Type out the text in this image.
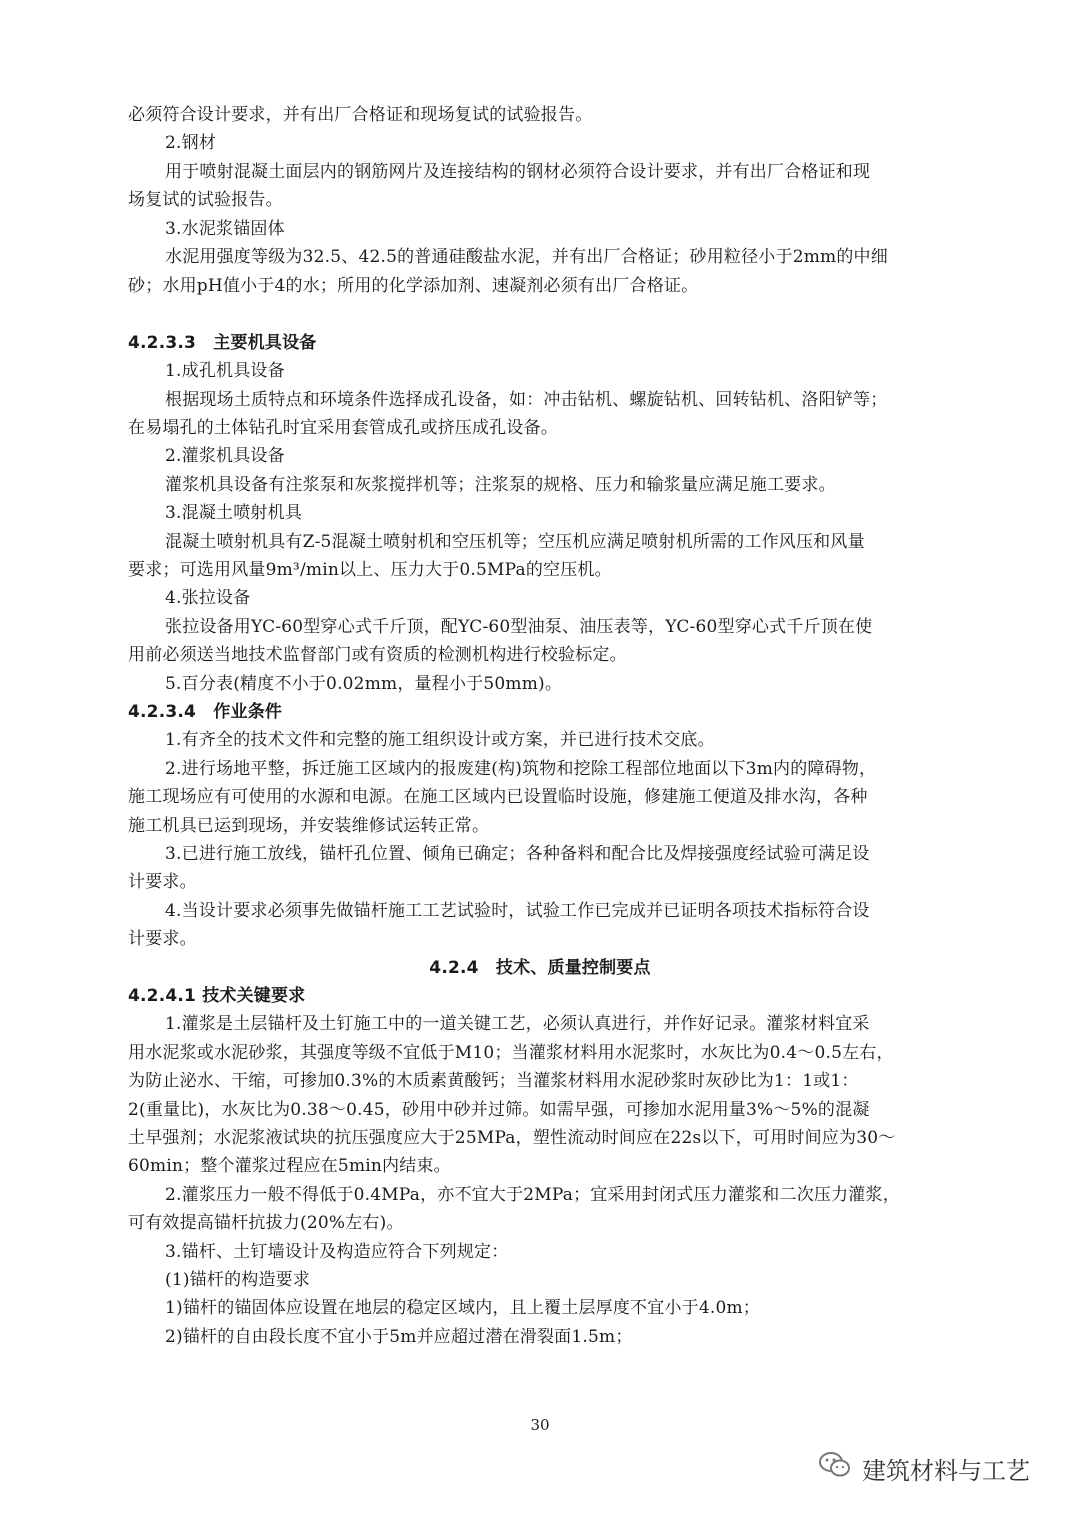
必须符合设计要求，并有出厂合格证和现场复试的试验报告。
2.钢材
用于喷射混凝土面层内的钢筋网片及连接结构的钢材必须符合设计要求，并有出厂合格证和现
场复试的试验报告。
3.水泥浆锚固体
水泥用强度等级为32.5、42.5的普通硅酸盐水泥，并有出厂合格证；砂用粒径小于2mm的中细
砂；水用pH值小于4的水；所用的化学添加剂、速凝剂必须有出厂合格证。
4.2.3.3　主要机具设备
1.成孔机具设备
根据现场土质特点和环境条件选择成孔设备，如：冲击钻机、螺旋钻机、回转钻机、洛阳铲等；
在易塌孔的土体钻孔时宜采用套管成孔或挤压成孔设备。
2.灌浆机具设备
灌浆机具设备有注浆泵和灰浆搅拌机等；注浆泵的规格、压力和输浆量应满足施工要求。
3.混凝土喷射机具
混凝土喷射机具有Z-5混凝土喷射机和空压机等；空压机应满足喷射机所需的工作风压和风量
要求；可选用风量9m³/min以上、压力大于0.5MPa的空压机。
4.张拉设备
张拉设备用YC-60型穿心式千斤顶，配YC-60型油泵、油压表等，YC-60型穿心式千斤顶在使
用前必须送当地技术监督部门或有资质的检测机构进行校验标定。
5.百分表(精度不小于0.02mm，量程小于50mm)。
4.2.3.4　作业条件
1.有齐全的技术文件和完整的施工组织设计或方案，并已进行技术交底。
2.进行场地平整，拆迁施工区域内的报废建(构)筑物和挖除工程部位地面以下3m内的障碍物，
施工现场应有可使用的水源和电源。在施工区域内已设置临时设施，修建施工便道及排水沟，各种
施工机具已运到现场，并安装维修试运转正常。
3.已进行施工放线，锚杆孔位置、倾角已确定；各种备料和配合比及焊接强度经试验可满足设
计要求。
4.当设计要求必须事先做锚杆施工工艺试验时，试验工作已完成并已证明各项技术指标符合设
计要求。
4.2.4　技术、质量控制要点
4.2.4.1 技术关键要求
1.灌浆是土层锚杆及土钉施工中的一道关键工艺，必须认真进行，并作好记录。灌浆材料宜采
用水泥浆或水泥砂浆，其强度等级不宜低于M10；当灌浆材料用水泥浆时，水灰比为0.4～0.5左右，
为防止泌水、干缩，可掺加0.3%的木质素黄酸钙；当灌浆材料用水泥砂浆时灰砂比为1：1或1：
2(重量比)，水灰比为0.38～0.45，砂用中砂并过筛。如需早强，可掺加水泥用量3%～5%的混凝
土早强剂；水泥浆液试块的抗压强度应大于25MPa，塑性流动时间应在22s以下，可用时间应为30～
60min；整个灌浆过程应在5min内结束。
2.灌浆压力一般不得低于0.4MPa，亦不宜大于2MPa；宜采用封闭式压力灌浆和二次压力灌浆，
可有效提高锚杆抗拔力(20%左右)。
3.锚杆、土钉墙设计及构造应符合下列规定：
(1)锚杆的构造要求
1)锚杆的锚固体应设置在地层的稳定区域内，且上覆土层厚度不宜小于4.0m；
2)锚杆的自由段长度不宜小于5m并应超过潜在滑裂面1.5m；
30
建筑材料与工艺
